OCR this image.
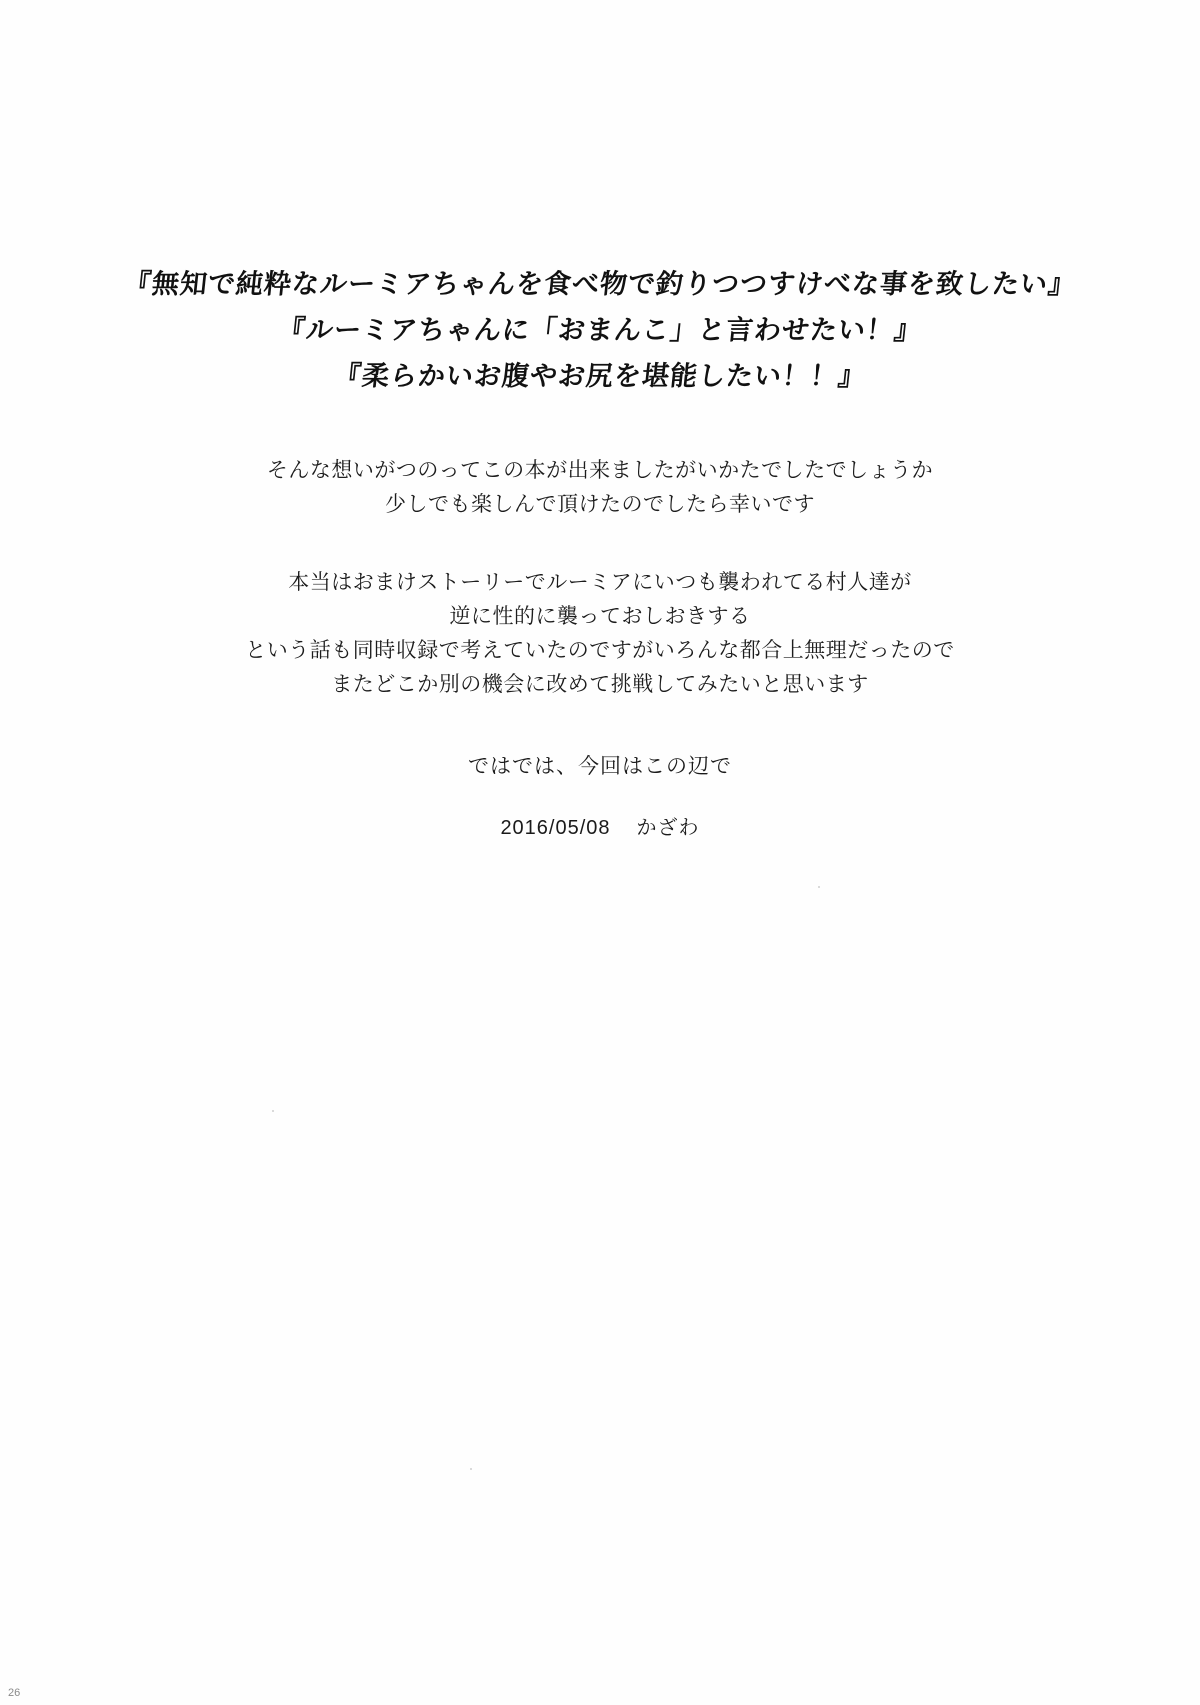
『無知で純粋なルーミアちゃんを食べ物で釣りつつすけべな事を致したい』
『ルーミアちゃんに「おまんこ」と言わせたい！』
『柔らかいお腹やお尻を堪能したい！！』
そんな想いがつのってこの本が出来ましたがいかたでしたでしょうか
少しでも楽しんで頂けたのでしたら幸いです
本当はおまけストーリーでルーミアにいつも襲われてる村人達が
逆に性的に襲っておしおきする
という話も同時収録で考えていたのですがいろんな都合上無理だったので
またどこか別の機会に改めて挑戦してみたいと思います
ではでは、今回はこの辺で
2016/05/08 かざわ
26
